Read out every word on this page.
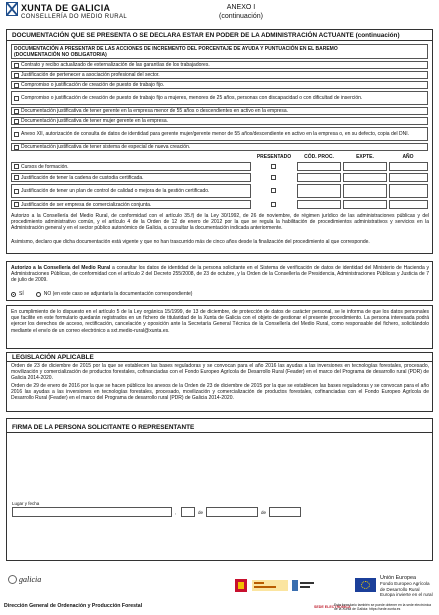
XUNTA DE GALICIA
CONSELLERÍA DO MEDIO RURAL
ANEXO I
(continuación)
DOCUMENTACIÓN QUE SE PRESENTA O SE DECLARA ESTAR EN PODER DE LA ADMINISTRACIÓN ACTUANTE (continuación)
DOCUMENTACIÓN A PRESENTAR DE LAS ACCIONES DE INCREMENTO DEL PORCENTAJE DE AYUDA Y PUNTUACIÓN EN EL BAREMO
(DOCUMENTACIÓN NO OBLIGATORIA)
Contrato y recibo actualizado de externalización de las garantías de los trabajadores.
Justificación de pertenecer a asociación profesional del sector.
Compromiso o justificación de creación de puesto de trabajo fijo.
Compromiso o justificación de creación de puesto de trabajo fijo a mujeres, menores de 25 años, personas con discapacidad o con dificultad de inserción.
Documentación justificativa de tener gerente en la empresa menor de 55 años o descendientes en activo en la empresa.
Documentación justificativa de tener mujer gerente en la empresa.
Anexo XII, autorización de consulta de datos de identidad para gerente mujer/gerente menor de 55 años/descendiente en activo en la empresa o, en su defecto, copia del DNI.
Documentación justificativa de tener sistema de especial de nueva creación.
PRESENTADO	CÓD. PROC.	EXPTE.	AÑO
Cursos de formación.
Justificación de tener la cadena de custodia certificada.
Justificación de tener un plan de control de calidad o mejora de la gestión certificado.
Justificación de ser empresa de comercialización conjunta.
Autorizo a la Consellería del Medio Rural, de conformidad con el artículo 35.f) de la Ley 30/1992, de 26 de noviembre, de régimen jurídico de las administraciones públicas y del procedimiento administrativo común, y el artículo 4 de la Orden de 12 de enero de 2012 por la que se regula la habilitación de procedimientos administrativos y servicios en la Administración general y en el sector público autonómico de Galicia, a consultar la documentación indicada anteriormente.
Asimismo, declaro que dicha documentación está vigente y que no han trascurrido más de cinco años desde la finalización del procedimiento al que corresponde.
Autorizo a la Consellería del Medio Rural a consultar los datos de identidad de la persona solicitante en el Sistema de verificación de datos de identidad del Ministerio de Hacienda y Administraciones Públicas, de conformidad con el artículo 2 del Decreto 255/2008, de 23 de octubre, y la Orden de la Consellería de Presidencia, Administraciones Públicas y Justicia de 7 de julio de 2009.
SÍ	NO (en este caso se adjuntaría la documentación correspondiente)
En cumplimiento de lo dispuesto en el artículo 5 de la Ley orgánica 15/1999, de 13 de diciembre, de protección de datos de carácter personal, se le informa de que los datos personales que facilite en este formulario quedarán registrados en un fichero de titularidad de la Xunta de Galicia con el objeto de gestionar el presente procedimiento. La persona interesada podrá ejercer los derechos de acceso, rectificación, cancelación y oposición ante la Secretaría General Técnica de la Consellería del Medio Rural, como responsable del fichero, solicitándolo mediante el envío de un correo electrónico a sxt.medio-rural@xunta.es.
LEGISLACIÓN APLICABLE
Orden de 23 de diciembre de 2015 por la que se establecen las bases reguladoras y se convocan para el año 2016 las ayudas a las inversiones en tecnologías forestales, procesado, movilización y comercialización de productos forestales, cofinanciadas con el Fondo Europeo Agrícola de Desarrollo Rural (Feader) en el marco del Programa de desarrollo rural (PDR) de Galicia 2014-2020.
Orden de 29 de enero de 2016 por la que se hacen públicos los anexos de la Orden de 23 de diciembre de 2015 por la que se establecen las bases reguladoras y se convocan para el año 2016 las ayudas a las inversiones en tecnologías forestales, procesado, movilización y comercialización de productos forestales, cofinanciadas con el Fondo Europeo Agrícola de Desarrollo Rural (Feader) en el marco del Programa de desarrollo rural (PDR) de Galicia 2014-2020.
FIRMA DE LA PERSONA SOLICITANTE O REPRESENTANTE
Lugar y fecha
,	de	de
galicia	Unión Europea
Fondo Europeo Agrícola
de Desarrollo Rural
Europa invierte en el rural
Dirección General de Ordenación y Producción Forestal	SEDE ELECTRÓNICA
Esta formulario también se puede obtener en la sede electrónica de la Xunta de Galicia: https://sede.xunta.es
